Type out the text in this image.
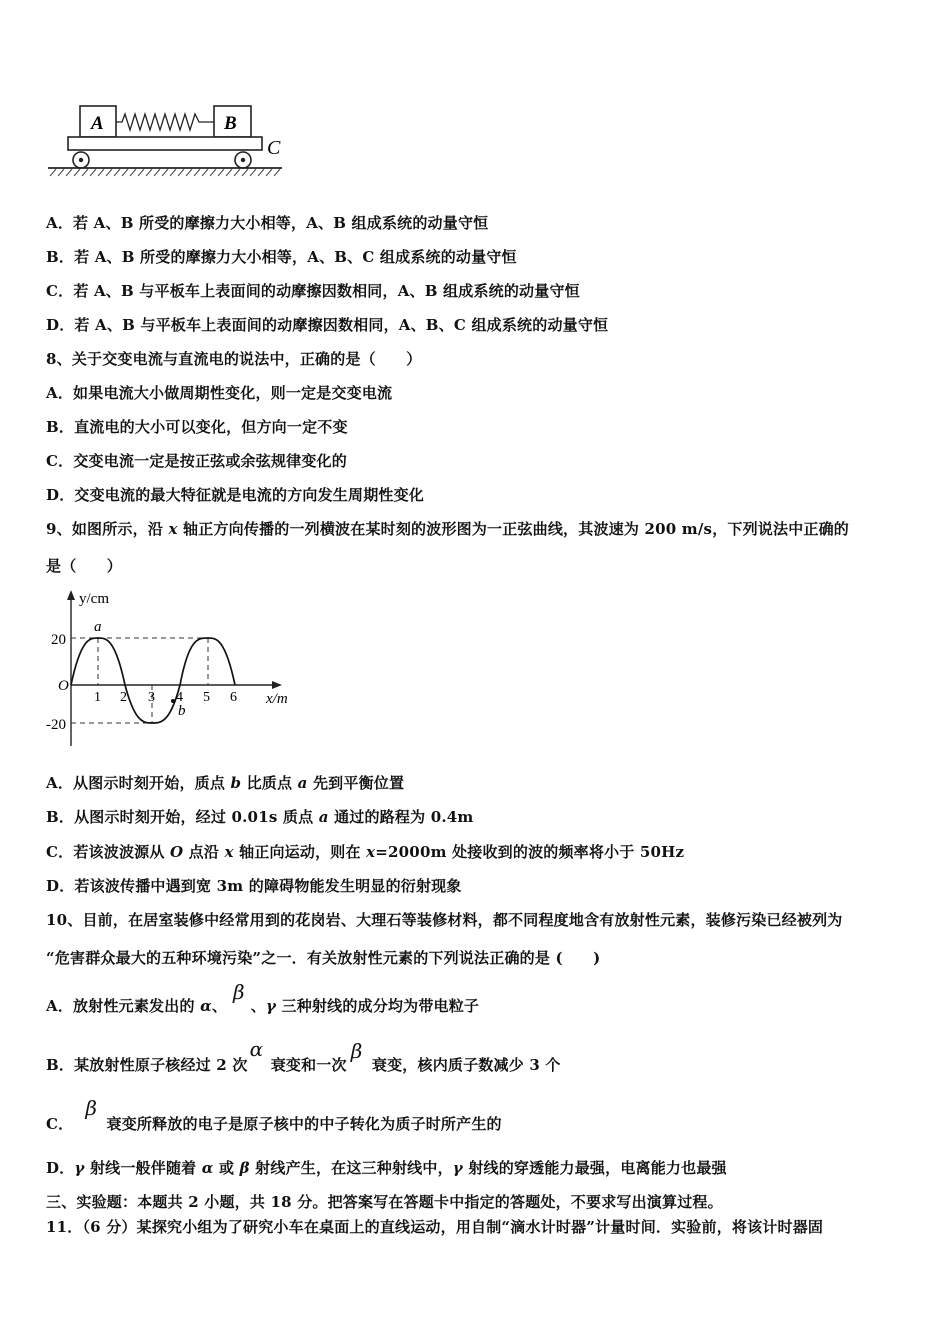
A	B
C
A．若 A、B 所受的摩擦力大小相等，A、B 组成系统的动量守恒
B．若 A、B 所受的摩擦力大小相等，A、B、C 组成系统的动量守恒
C．若 A、B 与平板车上表面间的动摩擦因数相同，A、B 组成系统的动量守恒
D．若 A、B 与平板车上表面间的动摩擦因数相同，A、B、C 组成系统的动量守恒
8、关于交变电流与直流电的说法中，正确的是（　　）
A．如果电流大小做周期性变化，则一定是交变电流
B．直流电的大小可以变化，但方向一定不变
C．交变电流一定是按正弦或余弦规律变化的
D．交变电流的最大特征就是电流的方向发生周期性变化
9、如图所示，沿 x 轴正方向传播的一列横波在某时刻的波形图为一正弦曲线，其波速为 200 m/s，下列说法中正确的
是（　　）
y/cm
x/m
O
20
-20
1 2 3 4 5 6
a
b
A．从图示时刻开始，质点 b 比质点 a 先到平衡位置
B．从图示时刻开始，经过 0.01s 质点 a 通过的路程为 0.4m
C．若该波波源从 O 点沿 x 轴正向运动，则在 x=2000m 处接收到的波的频率将小于 50Hz
D．若该波传播中遇到宽 3m 的障碍物能发生明显的衍射现象
10、目前，在居室装修中经常用到的花岗岩、大理石等装修材料，都不同程度地含有放射性元素，装修污染已经被列为
“危害群众最大的五种环境污染”之一．有关放射性元素的下列说法正确的是 (　　)
A．放射性元素发出的 α、β、γ 三种射线的成分均为带电粒子
B．某放射性原子核经过 2 次α 衰变和一次β 衰变，核内质子数减少 3 个
C．β 衰变所释放的电子是原子核中的中子转化为质子时所产生的
D．γ 射线一般伴随着 α 或 β 射线产生，在这三种射线中，γ 射线的穿透能力最强，电离能力也最强
三、实验题：本题共 2 小题，共 18 分。把答案写在答题卡中指定的答题处，不要求写出演算过程。
11．（6 分）某探究小组为了研究小车在桌面上的直线运动，用自制“滴水计时器”计量时间．实验前，将该计时器固
